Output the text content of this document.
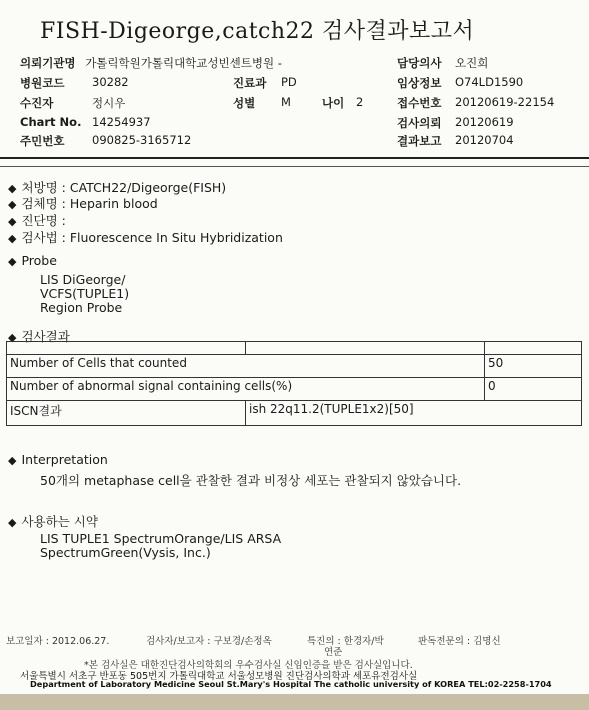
FISH-Digeorge,catch22 검사결과보고서
의뢰기관명 가톨릭학원가톨릭대학교성빈센트병원 -
병원코드 30282
수진자	정시우
Chart No. 14254937
주민번호 090825-3165712
진료과 PD
성별 M	나이 2
담당의사 오진희
임상정보 O74LD1590
접수번호 20120619-22154
검사의뢰 20120619
결과보고 20120704
◆ 처방명 : CATCH22/Digeorge(FISH)
◆ 검체명 : Heparin blood
◆ 진단명 :
◆ 검사법 : Fluorescence In Situ Hybridization
◆ Probe
LIS DiGeorge/
VCFS(TUPLE1)
Region Probe
◆ 검사결과

Number of Cells that counted		50
Number of abnormal signal containing cells(%)		0
ISCN결과	ish 22q11.2(TUPLE1x2)[50]	
◆ Interpretation
50개의 metaphase cell을 관찰한 결과 비정상 세포는 관찰되지 않았습니다.
◆ 사용하는 시약
LIS TUPLE1 SpectrumOrange/LIS ARSA
SpectrumGreen(Vysis, Inc.)
보고일자 : 2012.06.27.	검사자/보고자 : 구보경/손정옥	특진의 : 한경자/박
연준
판독전문의 : 김명신
*본 검사실은 대한진단검사의학회의 우수검사실 신임인증을 받은 검사실입니다.
서울특별시 서초구 반포동 505번지 가톨릭대학교 서울성모병원 진단검사의학과 세포유전검사실
Department of Laboratory Medicine Seoul St.Mary's Hospital The catholic university of KOREA TEL:02-2258-1704
